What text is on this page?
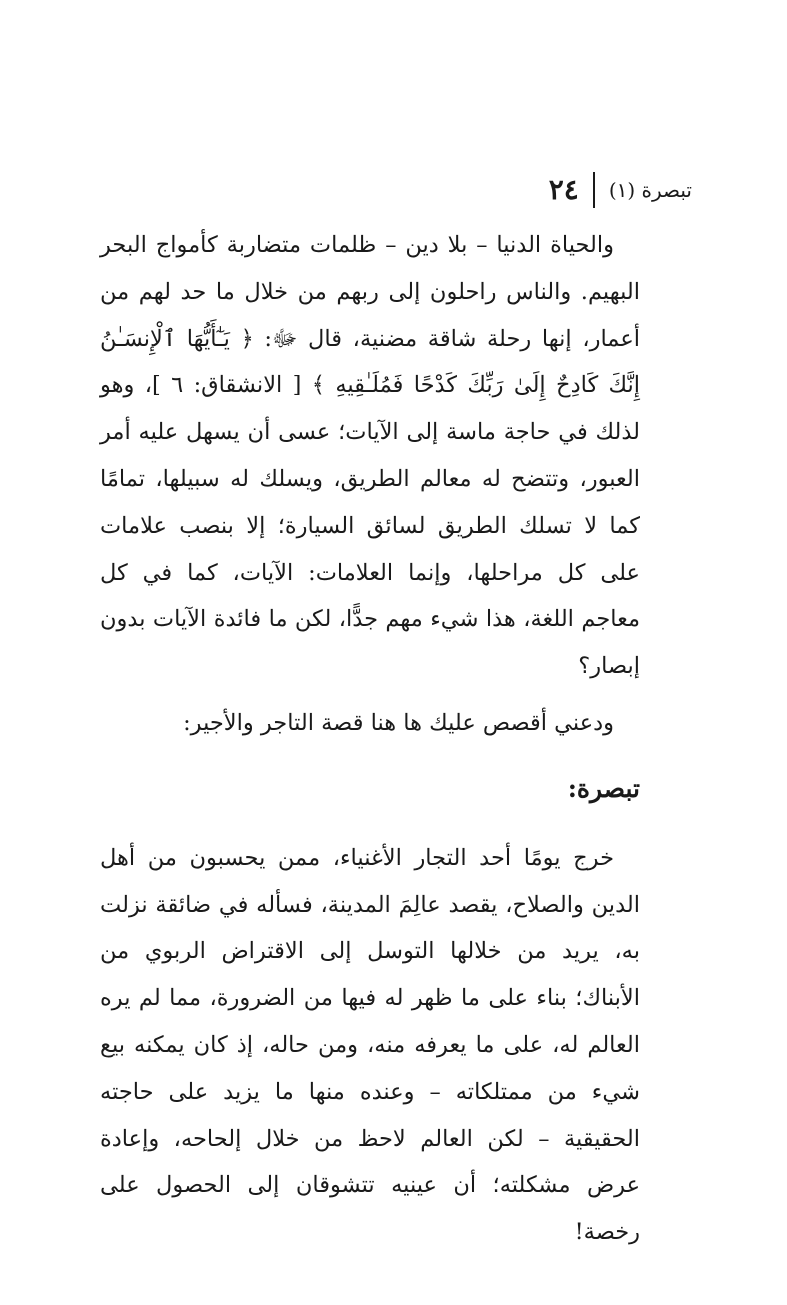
٢٤ تبصرة (١)

والحياة الدنيا – بلا دين – ظلمات متضاربة كأمواج البحر البهيم. والناس راحلون إلى ربهم من خلال ما حد لهم من أعمار، إنها رحلة شاقة مضنية، قال ﷻ: ﴿ يَـٰٓأَيُّهَا ٱلْإِنسَـٰنُ إِنَّكَ كَادِحٌ إِلَىٰ رَبِّكَ كَدْحًا فَمُلَـٰقِيهِ ﴾ [ الانشقاق: ٦ ]، وهو لذلك في حاجة ماسة إلى الآيات؛ عسى أن يسهل عليه أمر العبور، وتتضح له معالم الطريق، ويسلك له سبيلها، تمامًا كما لا تسلك الطريق لسائق السيارة؛ إلا بنصب علامات على كل مراحلها، وإنما العلامات: الآيات، كما في كل معاجم اللغة، هذا شيء مهم جدًّا، لكن ما فائدة الآيات بدون إبصار؟

ودعني أقصص عليك ها هنا قصة التاجر والأجير:

تبصرة:

خرج يومًا أحد التجار الأغنياء، ممن يحسبون من أهل الدين والصلاح، يقصد عالِمَ المدينة، فسأله في ضائقة نزلت به، يريد من خلالها التوسل إلى الاقتراض الربوي من الأبناك؛ بناء على ما ظهر له فيها من الضرورة، مما لم يره العالم له، على ما يعرفه منه، ومن حاله، إذ كان يمكنه بيع شيء من ممتلكاته – وعنده منها ما يزيد على حاجته الحقيقية – لكن العالم لاحظ من خلال إلحاحه، وإعادة عرض مشكلته؛ أن عينيه تتشوقان إلى الحصول على رخصة!
